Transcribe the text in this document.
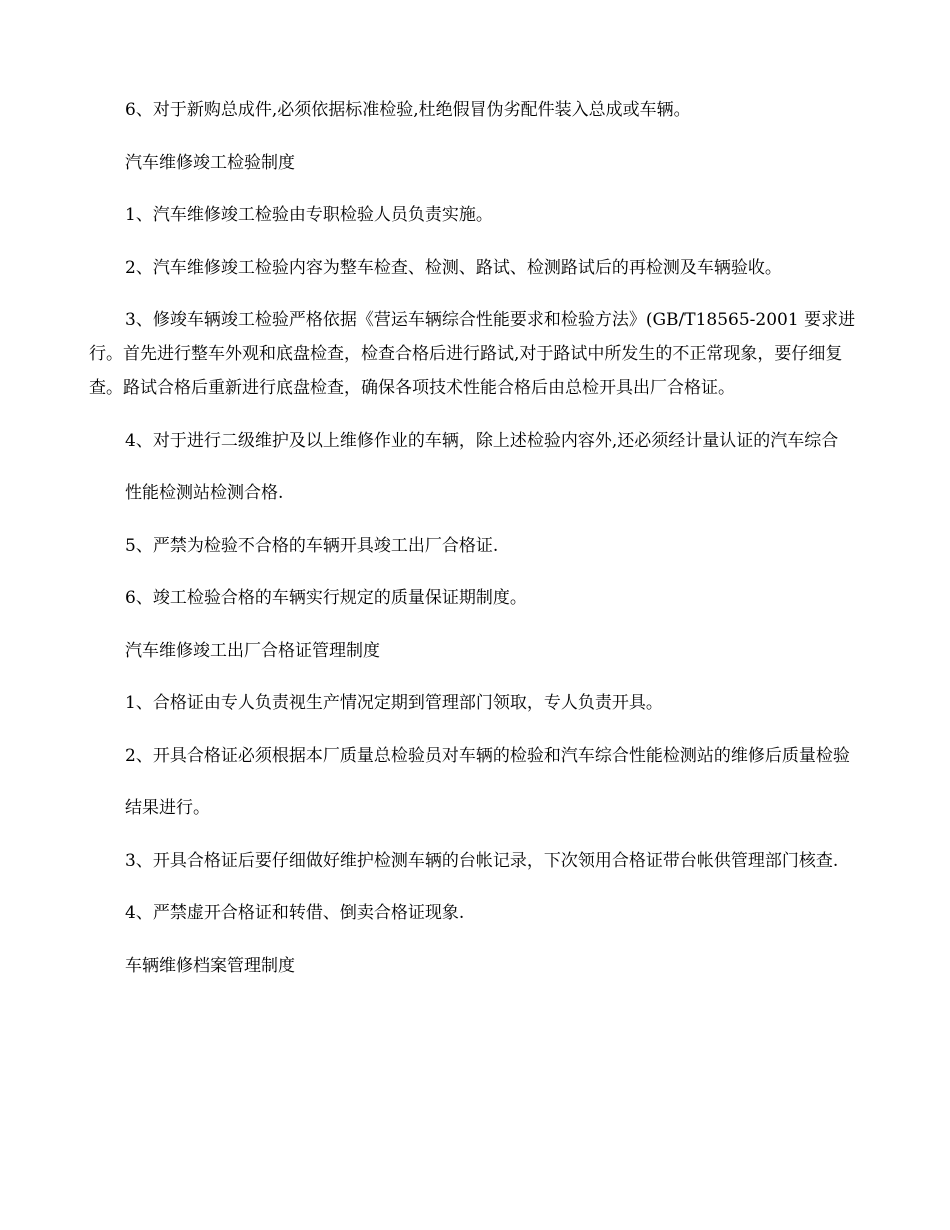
6、对于新购总成件,必须依据标准检验,杜绝假冒伪劣配件装入总成或车辆。

汽车维修竣工检验制度

1、汽车维修竣工检验由专职检验人员负责实施。

2、汽车维修竣工检验内容为整车检查、检测、路试、检测路试后的再检测及车辆验收。

3、修竣车辆竣工检验严格依据《营运车辆综合性能要求和检验方法》(GB/T18565-2001 要求进行。首先进行整车外观和底盘检查，检查合格后进行路试,对于路试中所发生的不正常现象，要仔细复查。路试合格后重新进行底盘检查，确保各项技术性能合格后由总检开具出厂合格证。

4、对于进行二级维护及以上维修作业的车辆，除上述检验内容外,还必须经计量认证的汽车综合

性能检测站检测合格.

5、严禁为检验不合格的车辆开具竣工出厂合格证.

6、竣工检验合格的车辆实行规定的质量保证期制度。

汽车维修竣工出厂合格证管理制度

1、合格证由专人负责视生产情况定期到管理部门领取，专人负责开具。

2、开具合格证必须根据本厂质量总检验员对车辆的检验和汽车综合性能检测站的维修后质量检验

结果进行。

3、开具合格证后要仔细做好维护检测车辆的台帐记录，下次领用合格证带台帐供管理部门核查.

4、严禁虚开合格证和转借、倒卖合格证现象.

车辆维修档案管理制度
